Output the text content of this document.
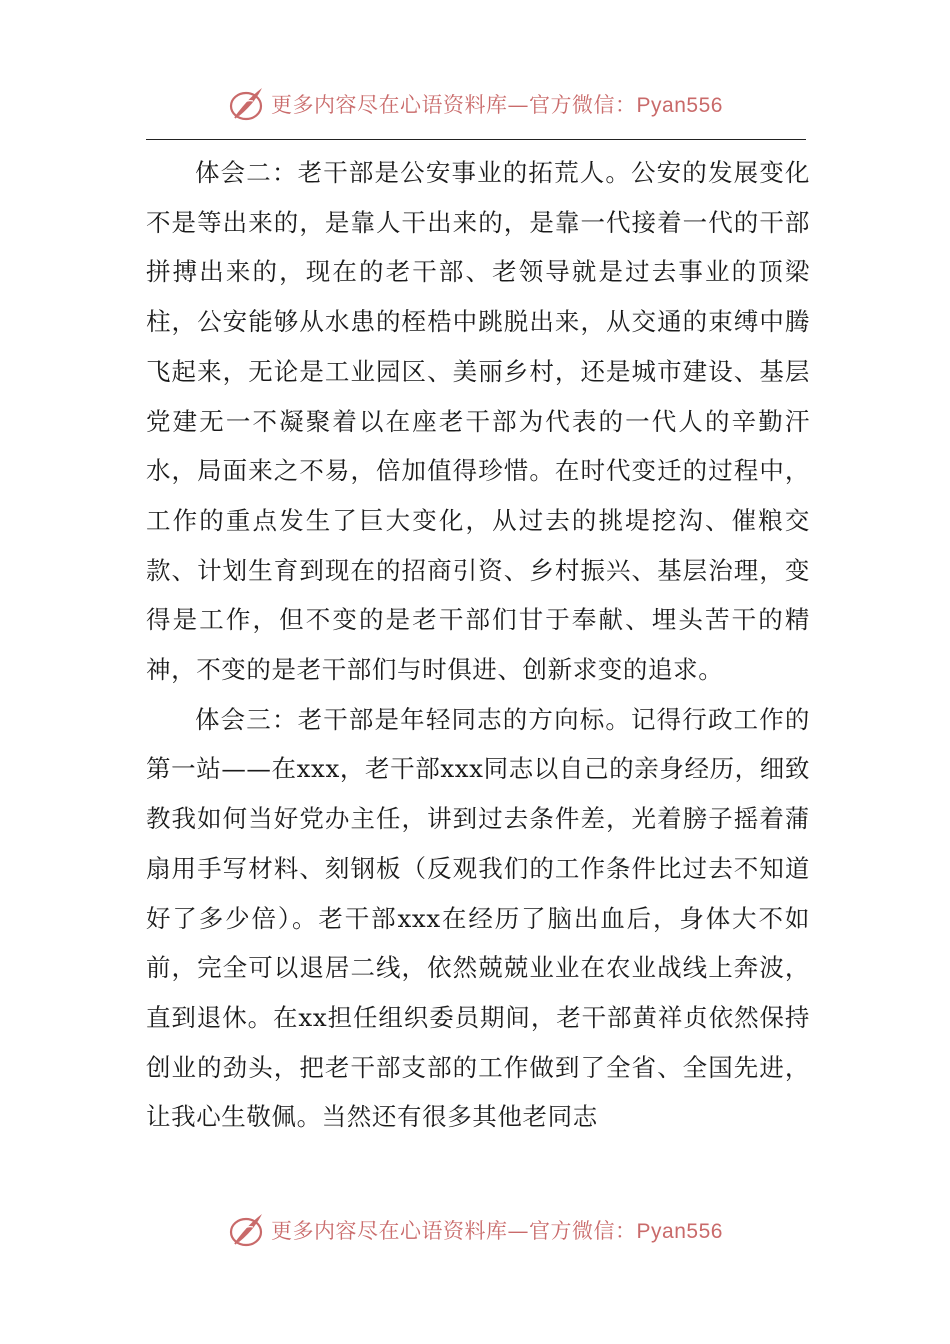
更多内容尽在心语资料库—官方微信：Pyan556

体会二：老干部是公安事业的拓荒人。公安的发展变化不是等出来的，是靠人干出来的，是靠一代接着一代的干部拼搏出来的，现在的老干部、老领导就是过去事业的顶梁柱，公安能够从水患的桎梏中跳脱出来，从交通的束缚中腾飞起来，无论是工业园区、美丽乡村，还是城市建设、基层党建无一不凝聚着以在座老干部为代表的一代人的辛勤汗水，局面来之不易，倍加值得珍惜。在时代变迁的过程中，工作的重点发生了巨大变化，从过去的挑堤挖沟、催粮交款、计划生育到现在的招商引资、乡村振兴、基层治理，变得是工作，但不变的是老干部们甘于奉献、埋头苦干的精神，不变的是老干部们与时俱进、创新求变的追求。

体会三：老干部是年轻同志的方向标。记得行政工作的第一站——在xxx，老干部xxx同志以自己的亲身经历，细致教我如何当好党办主任，讲到过去条件差，光着膀子摇着蒲扇用手写材料、刻钢板（反观我们的工作条件比过去不知道好了多少倍）。老干部xxx在经历了脑出血后，身体大不如前，完全可以退居二线，依然兢兢业业在农业战线上奔波，直到退休。在xx担任组织委员期间，老干部黄祥贞依然保持创业的劲头，把老干部支部的工作做到了全省、全国先进，让我心生敬佩。当然还有很多其他老同志

更多内容尽在心语资料库—官方微信：Pyan556
